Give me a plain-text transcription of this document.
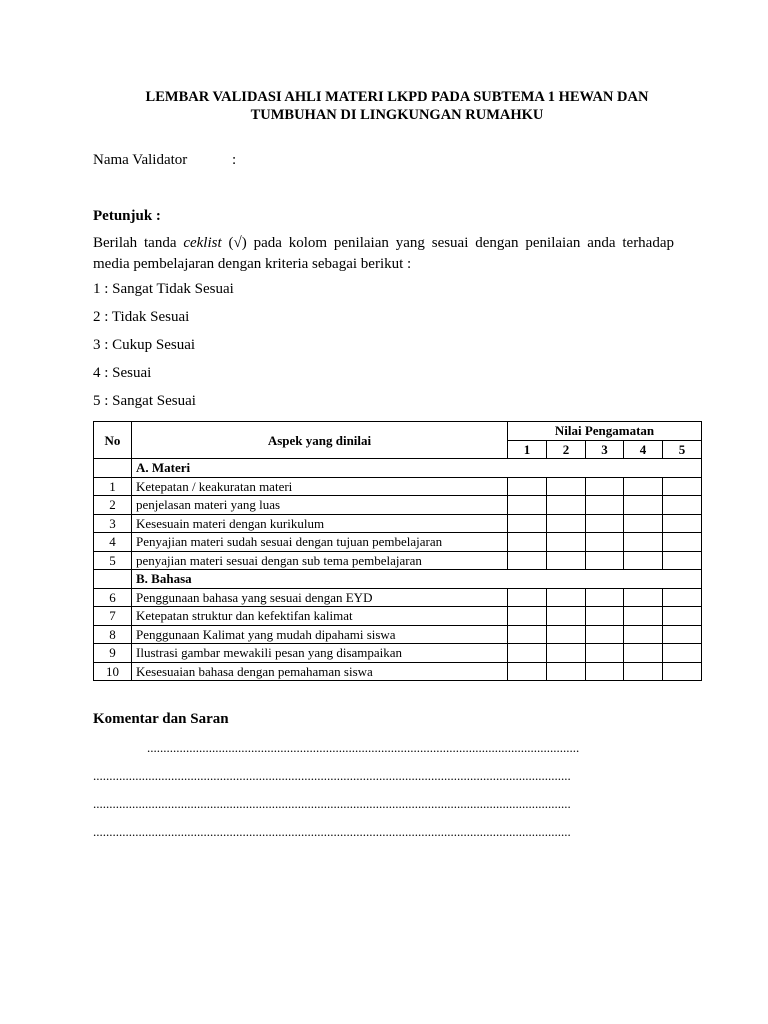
LEMBAR VALIDASI AHLI MATERI LKPD PADA SUBTEMA 1 HEWAN DAN
TUMBUHAN DI LINGKUNGAN RUMAHKU
Nama Validator	:
Petunjuk :
Berilah tanda ceklist (√) pada kolom penilaian yang sesuai dengan penilaian anda terhadap media pembelajaran dengan kriteria sebagai berikut :
1 : Sangat Tidak Sesuai
2 : Tidak Sesuai
3 : Cukup Sesuai
4 : Sesuai
5 : Sangat Sesuai
No	Aspek yang dinilai	Nilai Pengamatan				
		1	2	3	4	5
	A. Materi					
1	Ketepatan / keakuratan materi					
2	penjelasan materi yang luas					
3	Kesesuain materi dengan kurikulum					
4	Penyajian materi sudah sesuai dengan tujuan pembelajaran					
5	penyajian materi sesuai dengan sub tema pembelajaran					
	B. Bahasa					
6	Penggunaan bahasa yang sesuai dengan EYD					
7	Ketepatan struktur dan kefektifan kalimat					
8	Penggunaan Kalimat yang mudah dipahami siswa					
9	Ilustrasi gambar mewakili pesan yang disampaikan					
10	Kesesuaian bahasa dengan pemahaman siswa					
Komentar dan Saran
.....................................................................................................................................
...................................................................................................................................................
...................................................................................................................................................
...................................................................................................................................................
